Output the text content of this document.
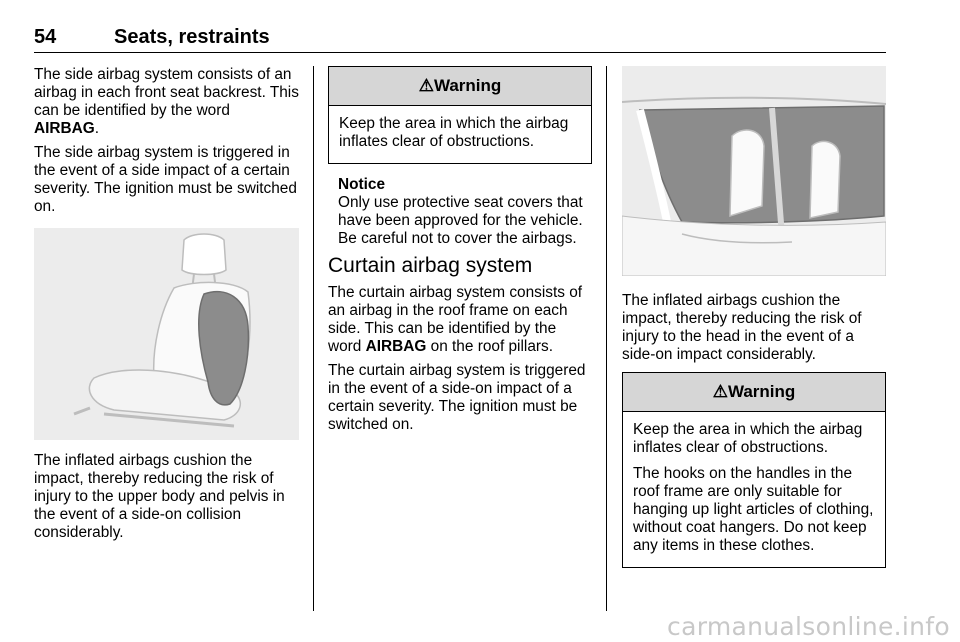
54	Seats, restraints

The side airbag system consists of an airbag in each front seat backrest. This can be identified by the word AIRBAG.

The side airbag system is triggered in the event of a side impact of a certain severity. The ignition must be switched on.

The inflated airbags cushion the impact, thereby reducing the risk of injury to the upper body and pelvis in the event of a side-on collision considerably.

⚠Warning

Keep the area in which the airbag inflates clear of obstructions.

Notice

Only use protective seat covers that have been approved for the vehicle. Be careful not to cover the airbags.

Curtain airbag system

The curtain airbag system consists of an airbag in the roof frame on each side. This can be identified by the word AIRBAG on the roof pillars.

The curtain airbag system is triggered in the event of a side-on impact of a certain severity. The ignition must be switched on.

The inflated airbags cushion the impact, thereby reducing the risk of injury to the head in the event of a side-on impact considerably.

⚠Warning

Keep the area in which the airbag inflates clear of obstructions.

The hooks on the handles in the roof frame are only suitable for hanging up light articles of clothing, without coat hangers. Do not keep any items in these clothes.

carmanualsonline.info
